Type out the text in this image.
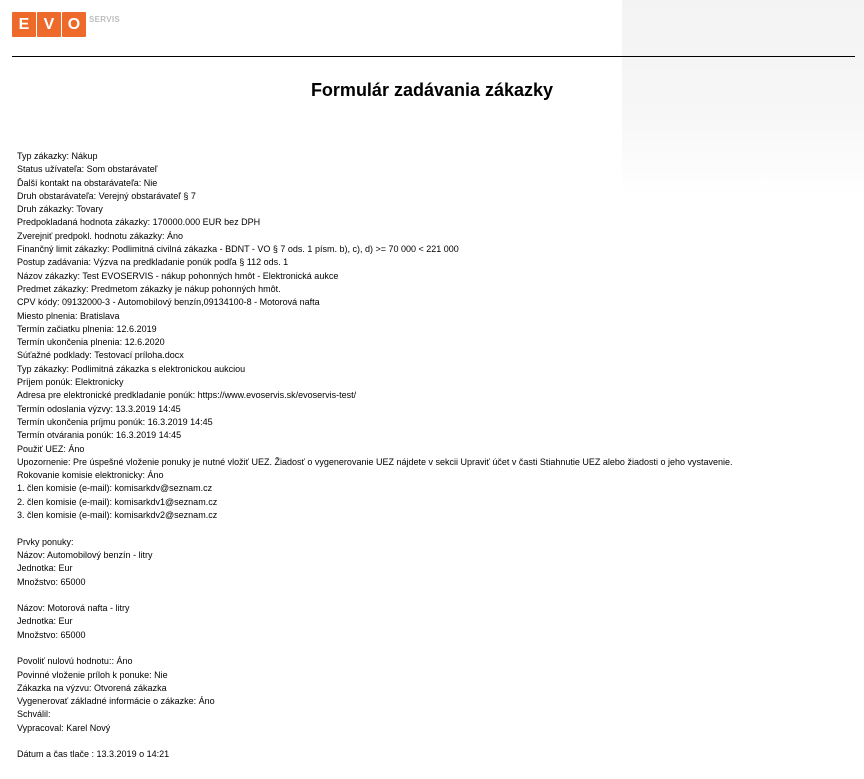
E V O	SERVIS
Formulár zadávania zákazky
Typ zákazky: Nákup
Status užívateľa: Som obstarávateľ
Ďalší kontakt na obstarávateľa: Nie
Druh obstarávateľa: Verejný obstarávateľ § 7
Druh zákazky: Tovary
Predpokladaná hodnota zákazky: 170000.000 EUR bez DPH
Zverejniť predpokl. hodnotu zákazky: Áno
Finančný limit zákazky: Podlimitná civilná zákazka - BDNT - VO § 7 ods. 1 písm. b), c), d) >= 70 000 < 221 000
Postup zadávania: Výzva na predkladanie ponúk podľa § 112 ods. 1
Názov zákazky: Test EVOSERVIS - nákup pohonných hmôt - Elektronická aukce
Predmet zákazky: Predmetom zákazky je nákup pohonných hmôt.
CPV kódy: 09132000-3 - Automobilový benzín,09134100-8 - Motorová nafta
Miesto plnenia: Bratislava
Termín začiatku plnenia: 12.6.2019
Termín ukončenia plnenia: 12.6.2020
Súťažné podklady: Testovací príloha.docx
Typ zákazky: Podlimitná zákazka s elektronickou aukciou
Príjem ponúk: Elektronicky
Adresa pre elektronické predkladanie ponúk: https://www.evoservis.sk/evoservis-test/
Termín odoslania výzvy: 13.3.2019 14:45
Termín ukončenia príjmu ponúk: 16.3.2019 14:45
Termín otvárania ponúk: 16.3.2019 14:45
Použiť UEZ: Áno
Upozornenie: Pre úspešné vloženie ponuky je nutné vložiť UEZ. Žiadosť o vygenerovanie UEZ nájdete v sekcii Upraviť účet v časti Stiahnutie UEZ alebo žiadosti o jeho vystavenie.
Rokovanie komisie elektronicky: Áno
1. člen komisie (e-mail): komisarkdv@seznam.cz
2. člen komisie (e-mail): komisarkdv1@seznam.cz
3. člen komisie (e-mail): komisarkdv2@seznam.cz
Prvky ponuky:
Názov: Automobilový benzín - litry
Jednotka: Eur
Množstvo: 65000
Názov: Motorová nafta - litry
Jednotka: Eur
Množstvo: 65000
Povoliť nulovú hodnotu:: Áno
Povinné vloženie príloh k ponuke: Nie
Zákazka na výzvu: Otvorená zákazka
Vygenerovať základné informácie o zákazke: Áno
Schválil:
Vypracoval: Karel Nový
Dátum a čas tlače : 13.3.2019 o 14:21
